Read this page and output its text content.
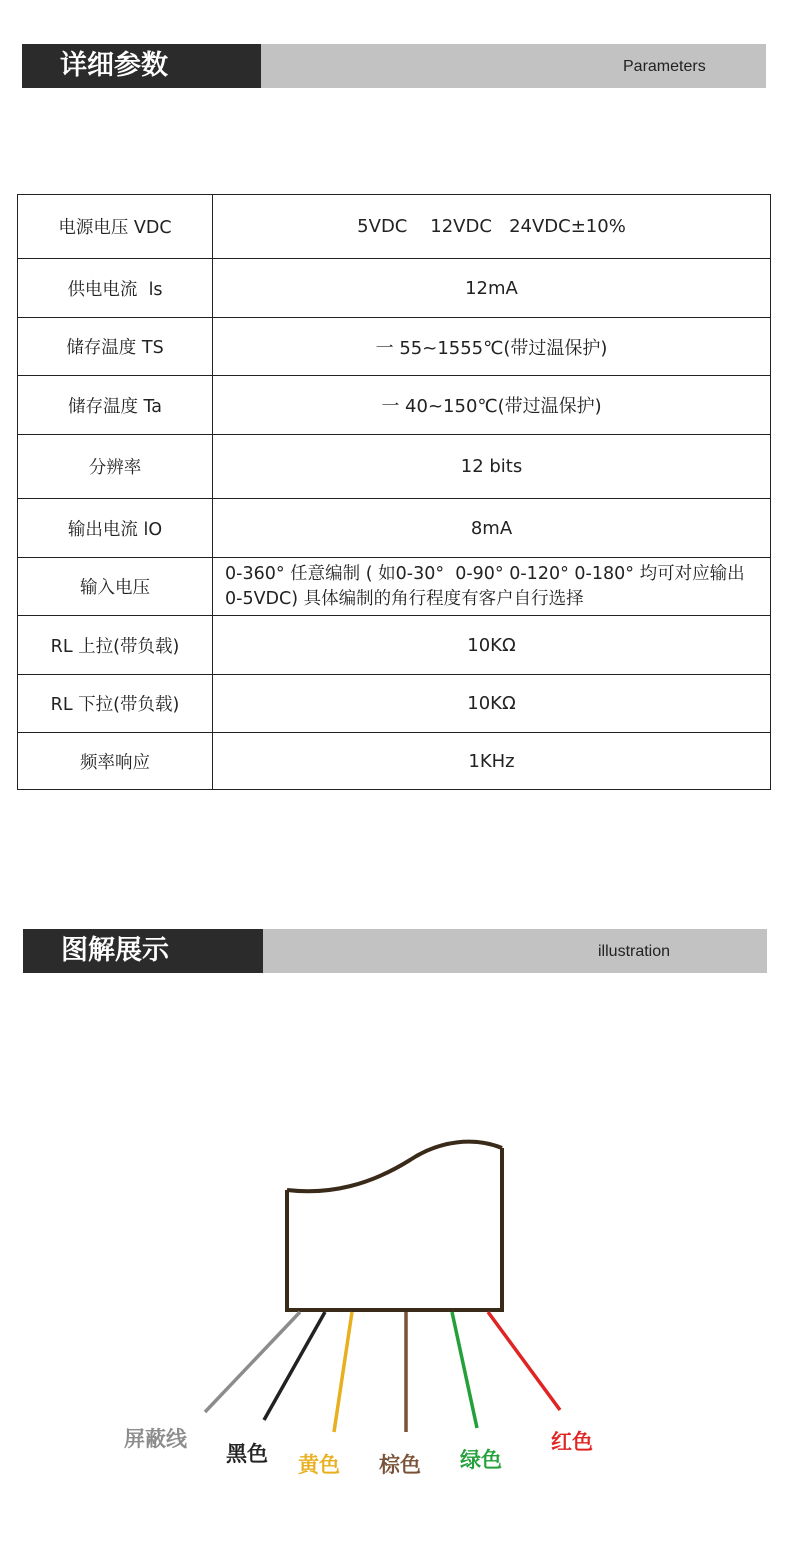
详细参数	Parameters
电源电压 VDC	5VDC    12VDC   24VDC±10%
供电电流  ls	12mA
储存温度 TS	一 55~1555℃(带过温保护)
储存温度 Ta	一 40~150℃(带过温保护)
分辨率	12 bits
输出电流 lO	8mA
输入电压	0-360° 任意编制 ( 如0-30°  0-90° 0-120° 0-180° 均可对应输出
0-5VDC) 具体编制的角行程度有客户自行选择

RL 上拉(带负载)	10KΩ
RL 下拉(带负载)	10KΩ
频率响应	1KHz
图解展示	illustration
屏蔽线
黑色 黄色 棕色 绿色
红色
